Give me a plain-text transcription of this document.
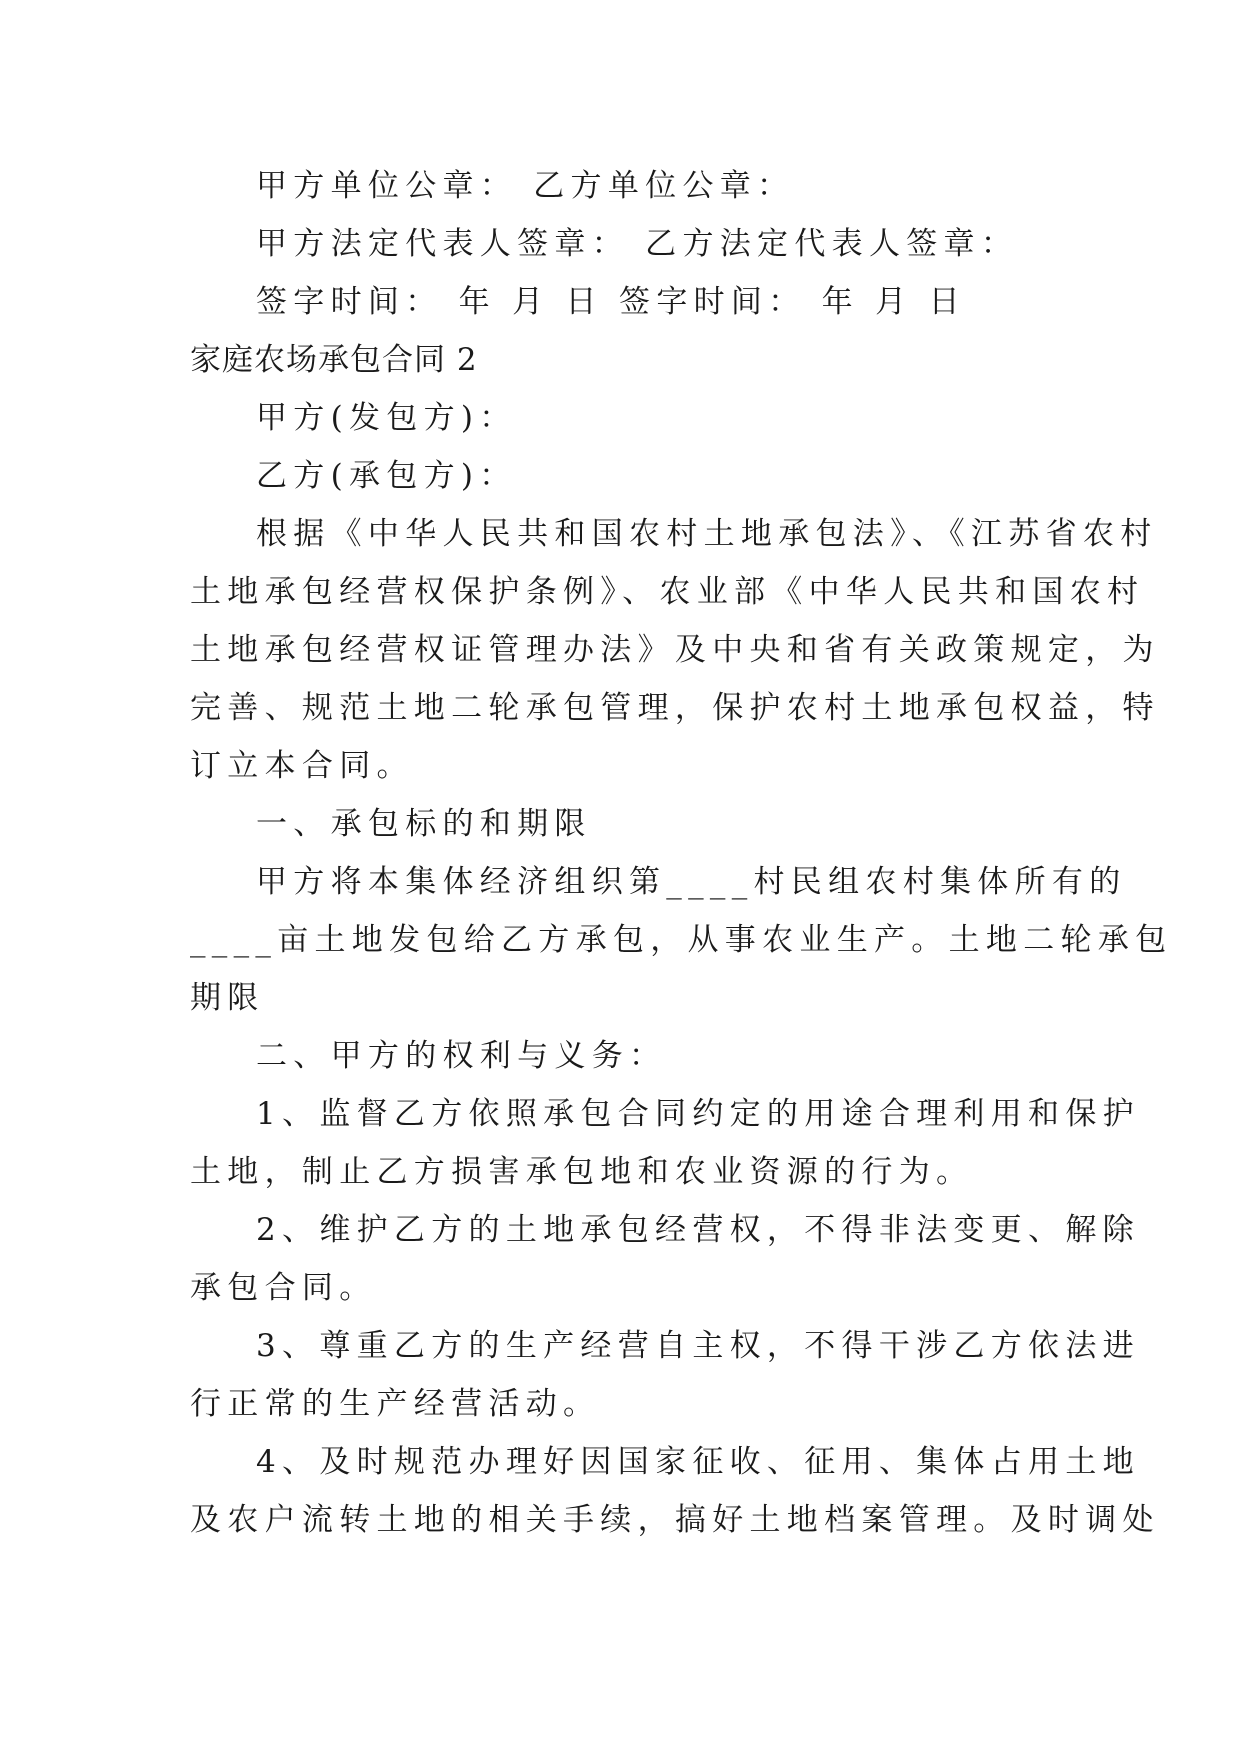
甲方单位公章： 乙方单位公章：
甲方法定代表人签章： 乙方法定代表人签章：
签字时间： 年 月 日 签字时间： 年 月 日
家庭农场承包合同 2
甲方(发包方)：
乙方(承包方)：
根据《中华人民共和国农村土地承包法》、《江苏省农村
土地承包经营权保护条例》、农业部《中华人民共和国农村
土地承包经营权证管理办法》及中央和省有关政策规定，为
完善、规范土地二轮承包管理，保护农村土地承包权益，特
订立本合同。
一、承包标的和期限
甲方将本集体经济组织第____村民组农村集体所有的
____亩土地发包给乙方承包，从事农业生产。土地二轮承包
期限
二、甲方的权利与义务：
1、监督乙方依照承包合同约定的用途合理利用和保护
土地，制止乙方损害承包地和农业资源的行为。
2、维护乙方的土地承包经营权，不得非法变更、解除
承包合同。
3、尊重乙方的生产经营自主权，不得干涉乙方依法进
行正常的生产经营活动。
4、及时规范办理好因国家征收、征用、集体占用土地
及农户流转土地的相关手续，搞好土地档案管理。及时调处
